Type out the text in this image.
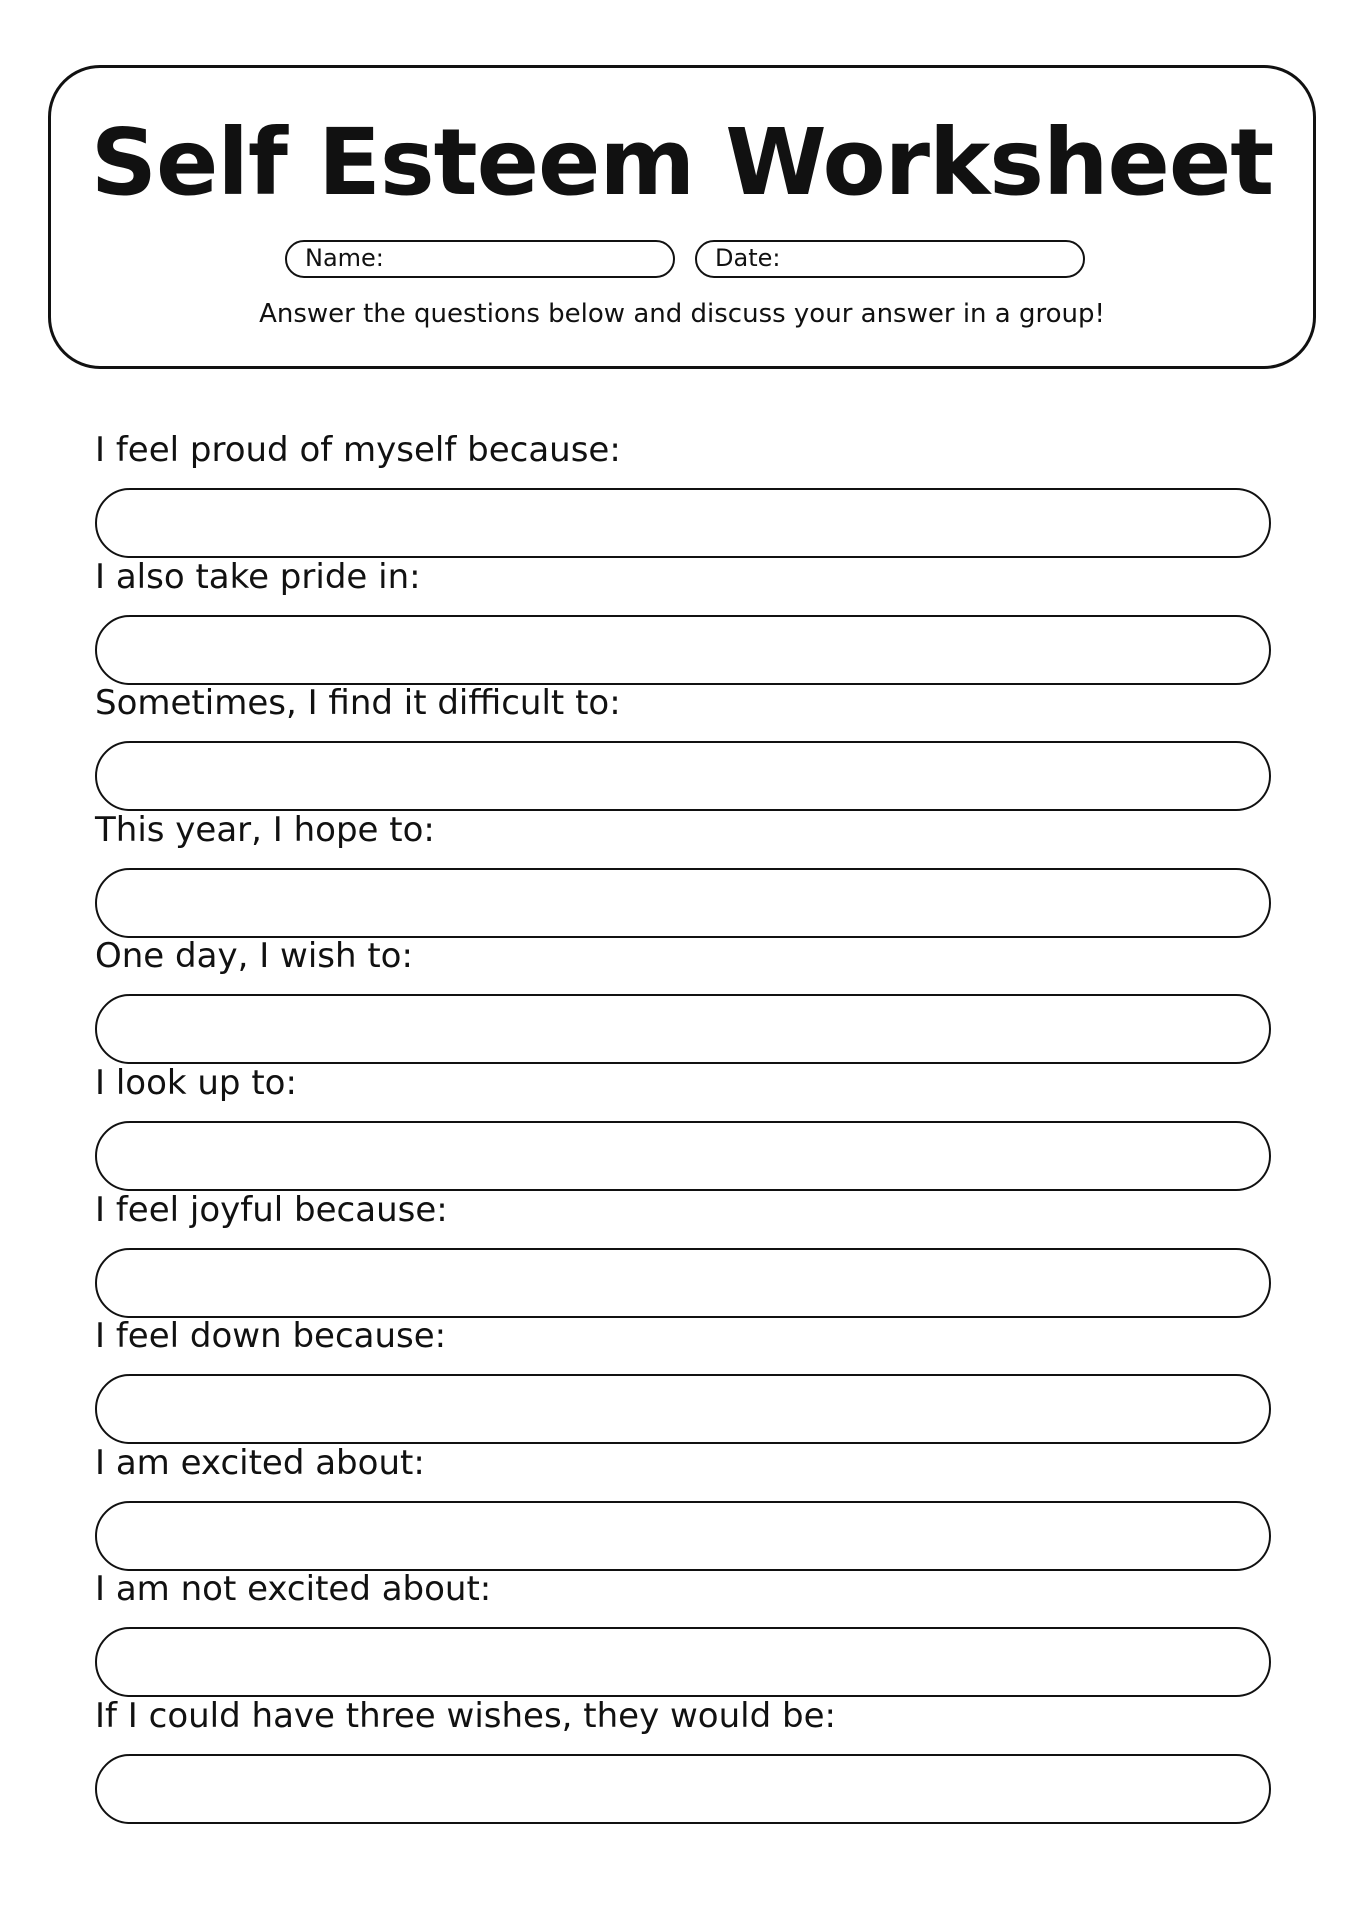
Self Esteem Worksheet
Name:	Date:
Answer the questions below and discuss your answer in a group!
I feel proud of myself because:
I also take pride in:
Sometimes, I find it difficult to:
This year, I hope to:
One day, I wish to:
I look up to:
I feel joyful because:
I feel down because:
I am excited about:
I am not excited about:
If I could have three wishes, they would be:
